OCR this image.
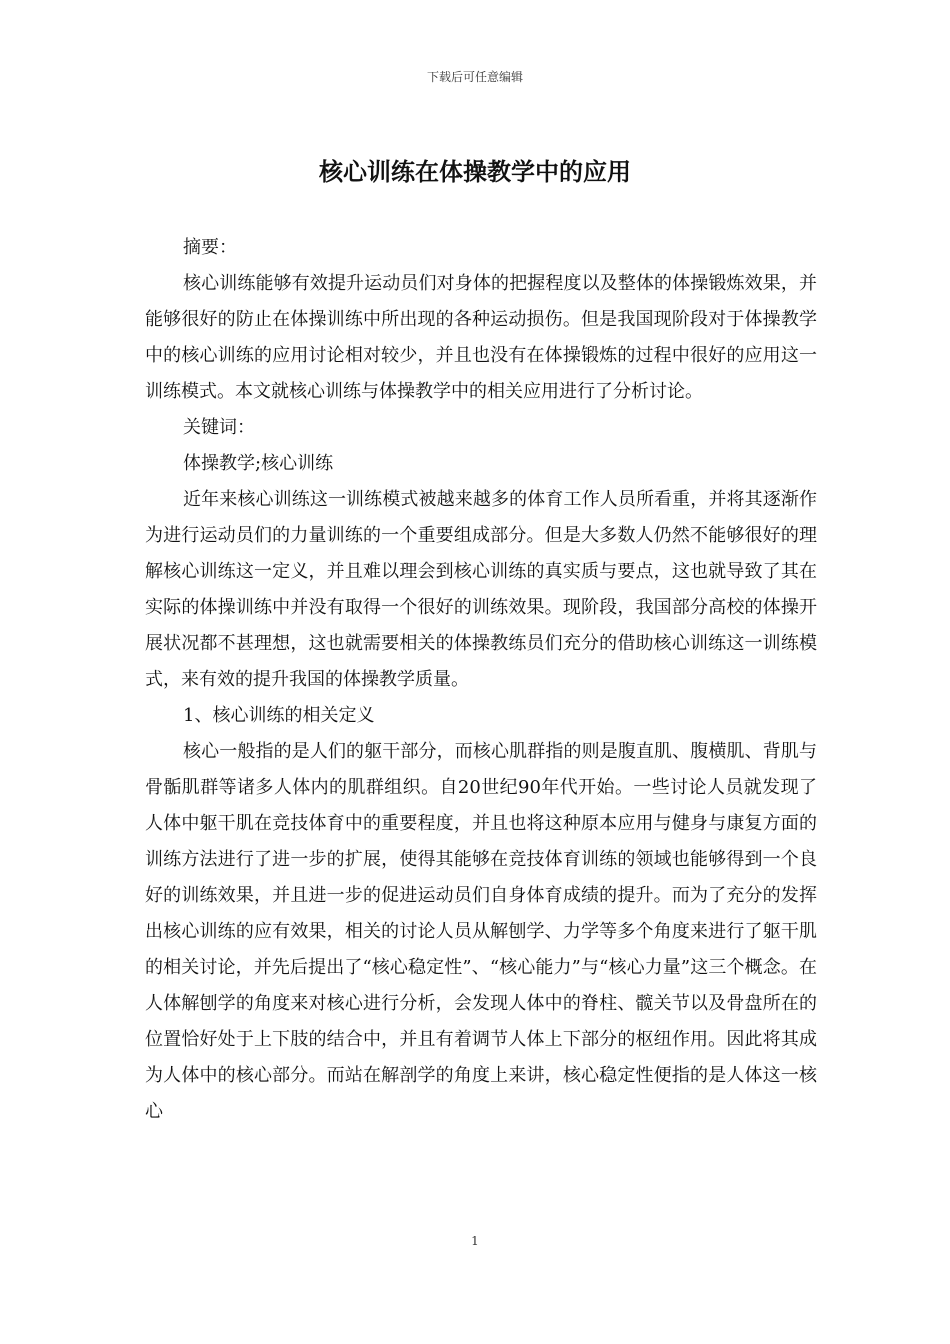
下载后可任意编辑
核心训练在体操教学中的应用

摘要：

核心训练能够有效提升运动员们对身体的把握程度以及整体的体操锻炼效果，并能够很好的防止在体操训练中所出现的各种运动损伤。但是我国现阶段对于体操教学中的核心训练的应用讨论相对较少，并且也没有在体操锻炼的过程中很好的应用这一训练模式。本文就核心训练与体操教学中的相关应用进行了分析讨论。

关键词：

体操教学;核心训练

近年来核心训练这一训练模式被越来越多的体育工作人员所看重，并将其逐渐作为进行运动员们的力量训练的一个重要组成部分。但是大多数人仍然不能够很好的理解核心训练这一定义，并且难以理会到核心训练的真实质与要点，这也就导致了其在实际的体操训练中并没有取得一个很好的训练效果。现阶段，我国部分高校的体操开展状况都不甚理想，这也就需要相关的体操教练员们充分的借助核心训练这一训练模式，来有效的提升我国的体操教学质量。

1、核心训练的相关定义

核心一般指的是人们的躯干部分，而核心肌群指的则是腹直肌、腹横肌、背肌与骨骺肌群等诸多人体内的肌群组织。自20世纪90年代开始。一些讨论人员就发现了人体中躯干肌在竞技体育中的重要程度，并且也将这种原本应用与健身与康复方面的训练方法进行了进一步的扩展，使得其能够在竞技体育训练的领域也能够得到一个良好的训练效果，并且进一步的促进运动员们自身体育成绩的提升。而为了充分的发挥出核心训练的应有效果，相关的讨论人员从解刨学、力学等多个角度来进行了躯干肌的相关讨论，并先后提出了“核心稳定性”、“核心能力”与“核心力量”这三个概念。在人体解刨学的角度来对核心进行分析，会发现人体中的脊柱、髋关节以及骨盘所在的位置恰好处于上下肢的结合中，并且有着调节人体上下部分的枢纽作用。因此将其成为人体中的核心部分。而站在解剖学的角度上来讲，核心稳定性便指的是人体这一核心

1
